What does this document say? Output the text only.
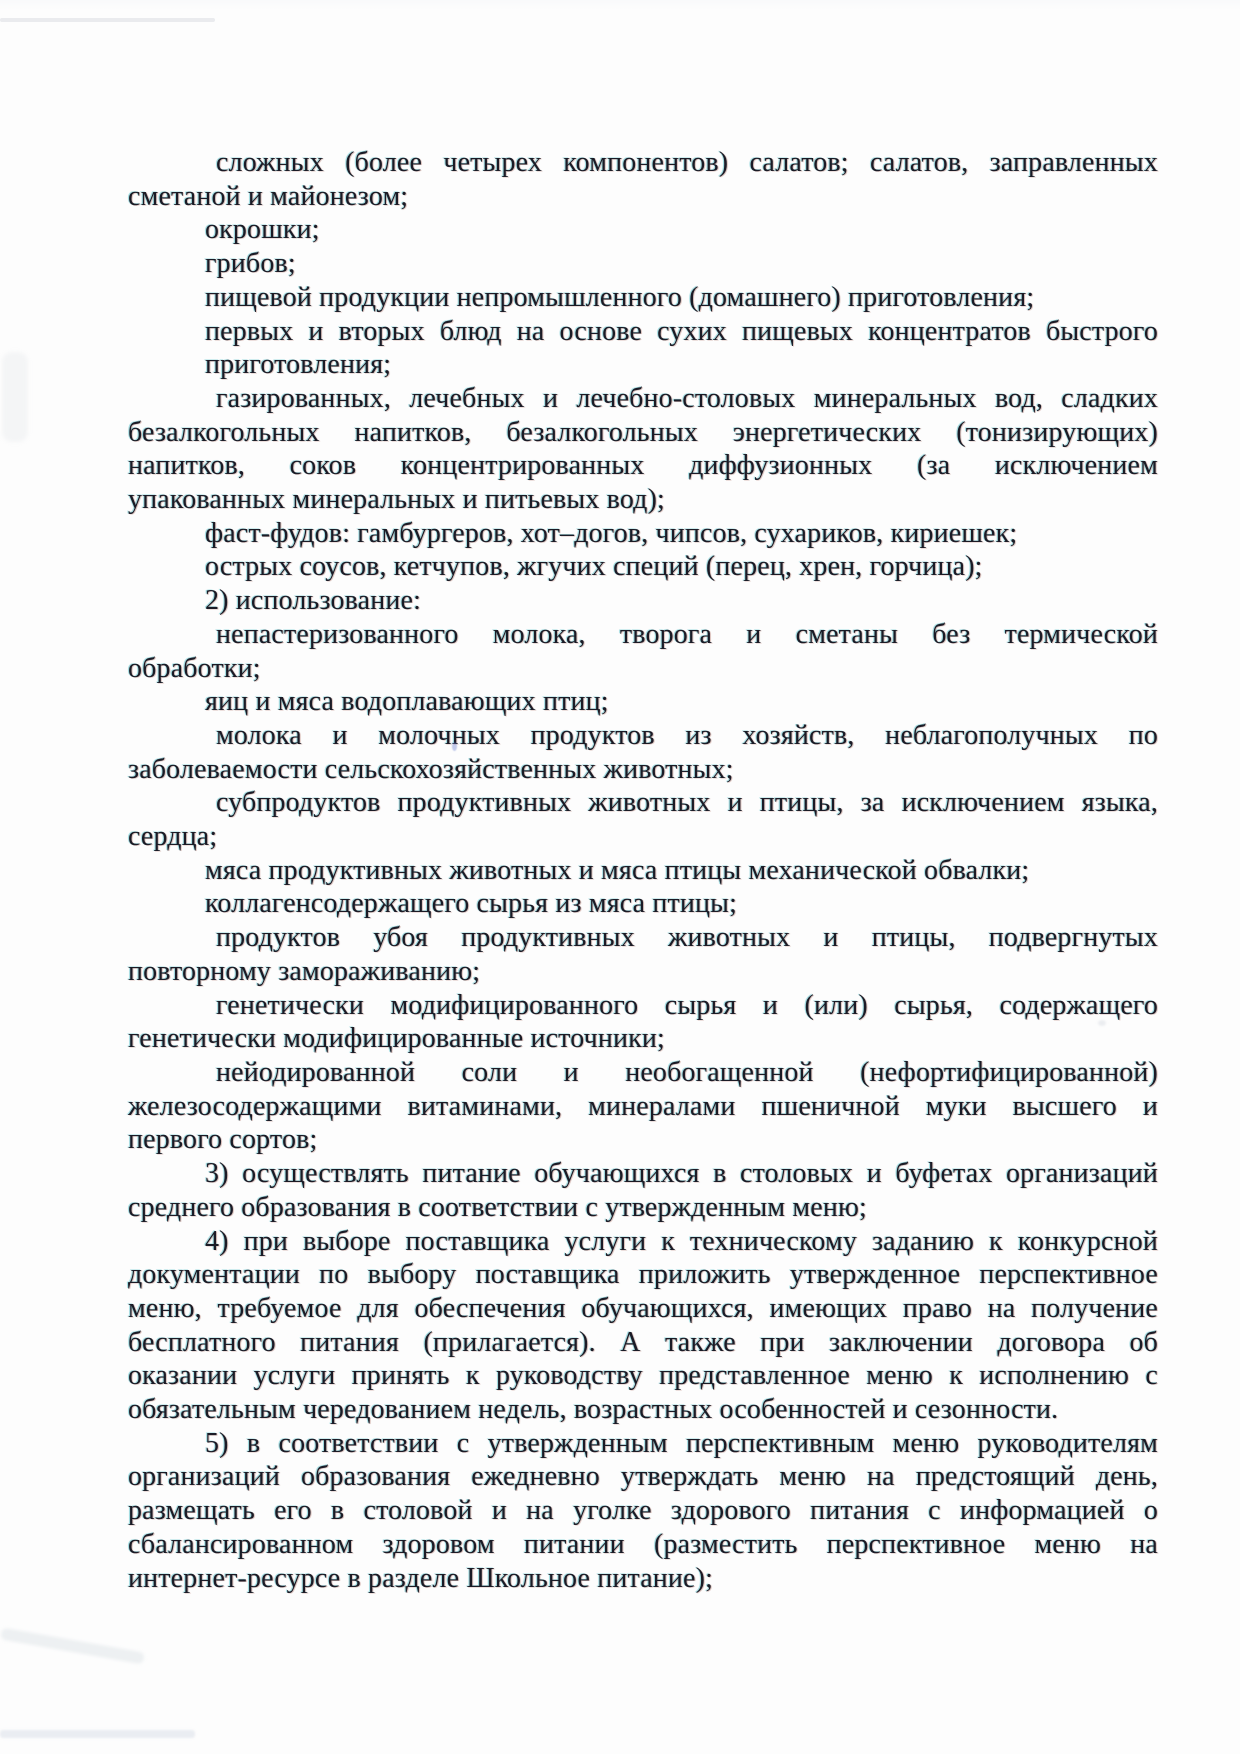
сложных (более четырех компонентов) салатов; салатов, заправленных
сметаной и майонезом;
окрошки;
грибов;
пищевой продукции непромышленного (домашнего) приготовления;
первых и вторых блюд на основе сухих пищевых концентратов быстрого
приготовления;
газированных, лечебных и лечебно-столовых минеральных вод, сладких
безалкогольных напитков, безалкогольных энергетических (тонизирующих)
напитков, соков концентрированных диффузионных (за исключением
упакованных минеральных и питьевых вод);
фаст-фудов: гамбургеров, хот–догов, чипсов, сухариков, кириешек;
острых соусов, кетчупов, жгучих специй (перец, хрен, горчица);
2) использование:
непастеризованного молока, творога и сметаны без термической
обработки;
яиц и мяса водоплавающих птиц;
молока и молочных продуктов из хозяйств, неблагополучных по
заболеваемости сельскохозяйственных животных;
субпродуктов продуктивных животных и птицы, за исключением языка,
сердца;
мяса продуктивных животных и мяса птицы механической обвалки;
коллагенсодержащего сырья из мяса птицы;
продуктов убоя продуктивных животных и птицы, подвергнутых
повторному замораживанию;
генетически модифицированного сырья и (или) сырья, содержащего
генетически модифицированные источники;
нейодированной соли и необогащенной (нефортифицированной)
железосодержащими витаминами, минералами пшеничной муки высшего и
первого сортов;
3) осуществлять питание обучающихся в столовых и буфетах организаций
среднего образования в соответствии с утвержденным меню;
4) при выборе поставщика услуги к техническому заданию к конкурсной
документации по выбору поставщика приложить утвержденное перспективное
меню, требуемое для обеспечения обучающихся, имеющих право на получение
бесплатного питания (прилагается). А также при заключении договора об
оказании услуги принять к руководству представленное меню к исполнению с
обязательным чередованием недель, возрастных особенностей и сезонности.
5) в соответствии с утвержденным перспективным меню руководителям
организаций образования ежедневно утверждать меню на предстоящий день,
размещать его в столовой и на уголке здорового питания с информацией о
сбалансированном здоровом питании (разместить перспективное меню на
интернет-ресурсе в разделе Школьное питание);
